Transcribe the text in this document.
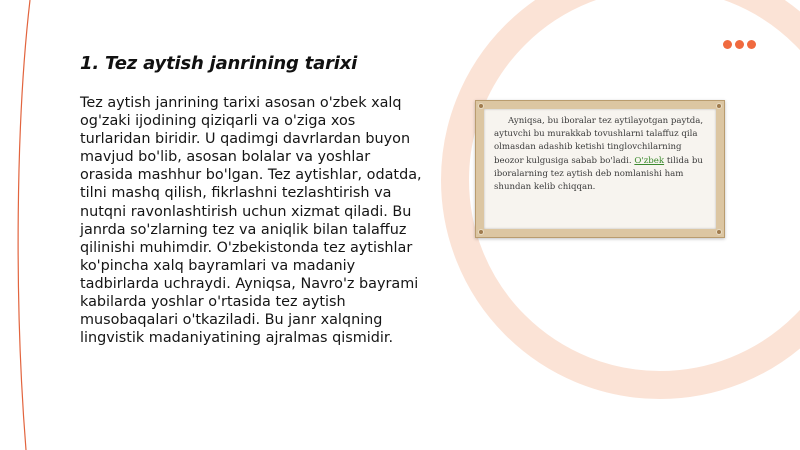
1. Tez aytish janrining tarixi

Tez aytish janrining tarixi asosan o'zbek xalq og'zaki ijodining qiziqarli va o'ziga xos turlaridan biridir. U qadimgi davrlardan buyon mavjud bo'lib, asosan bolalar va yoshlar orasida mashhur bo'lgan. Tez aytishlar, odatda, tilni mashq qilish, fikrlashni tezlashtirish va nutqni ravonlashtirish uchun xizmat qiladi. Bu janrda so'zlarning tez va aniqlik bilan talaffuz qilinishi muhimdir. O'zbekistonda tez aytishlar ko'pincha xalq bayramlari va madaniy tadbirlarda uchraydi. Ayniqsa, Navro'z bayrami kabilarda yoshlar o'rtasida tez aytish musobaqalari o'tkaziladi. Bu janr xalqning lingvistik madaniyatining ajralmas qismidir.

Ayniqsa, bu iboralar tez aytilayotgan paytda, aytuvchi bu murakkab tovushlarni talaffuz qila olmasdan adashib ketishi tinglovchilarning beozor kulgusiga sabab bo'ladi. O'zbek tilida bu iboralarning tez aytish deb nomlanishi ham shundan kelib chiqqan.
